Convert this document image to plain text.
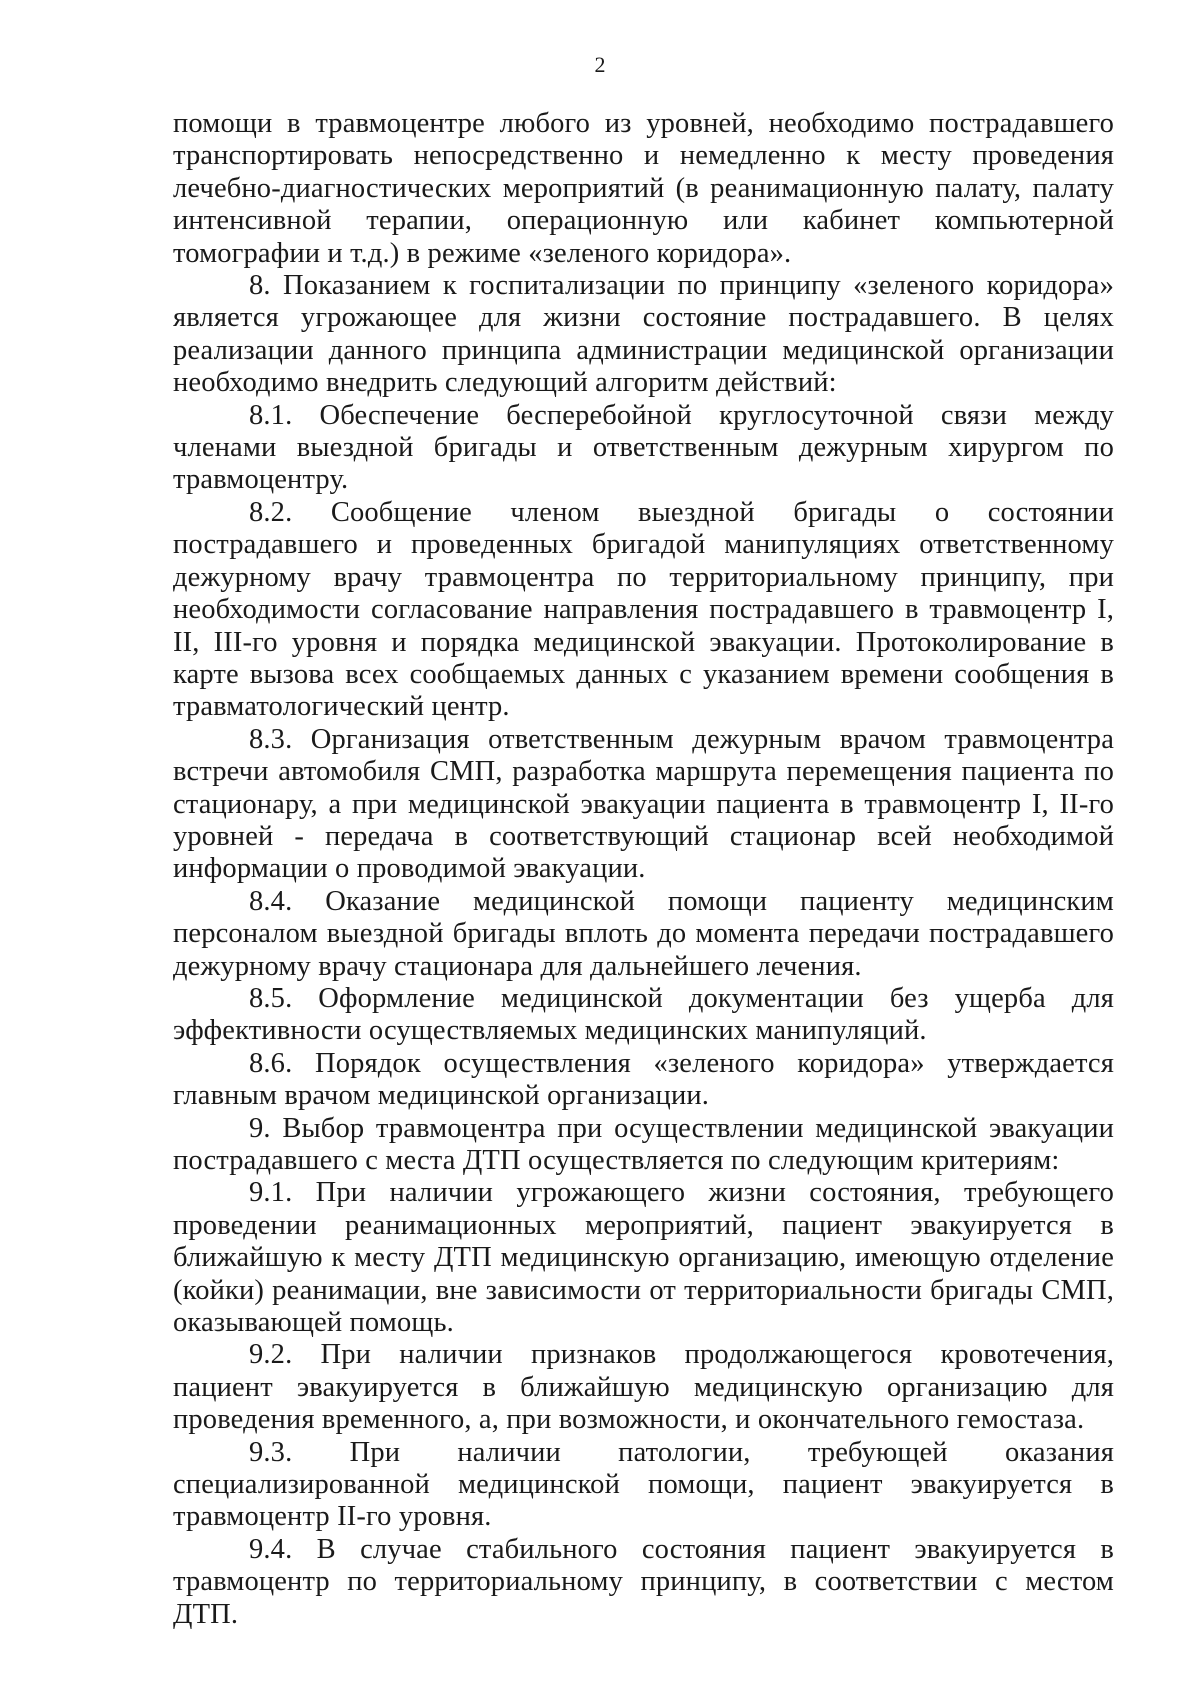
2

помощи в травмоцентре любого из уровней, необходимо пострадавшего транспортировать непосредственно и немедленно к месту проведения лечебно-диагностических мероприятий (в реанимационную палату, палату интенсивной терапии, операционную или кабинет компьютерной томографии и т.д.) в режиме «зеленого коридора».

8. Показанием к госпитализации по принципу «зеленого коридора» является угрожающее для жизни состояние пострадавшего. В целях реализации данного принципа администрации медицинской организации необходимо внедрить следующий алгоритм действий:

8.1. Обеспечение бесперебойной круглосуточной связи между членами выездной бригады и ответственным дежурным хирургом по травмоцентру.

8.2. Сообщение членом выездной бригады о состоянии пострадавшего и проведенных бригадой манипуляциях ответственному дежурному врачу травмоцентра по территориальному принципу, при необходимости согласование направления пострадавшего в травмоцентр I, II, III-го уровня и порядка медицинской эвакуации. Протоколирование в карте вызова всех сообщаемых данных с указанием времени сообщения в травматологический центр.

8.3. Организация ответственным дежурным врачом травмоцентра встречи автомобиля СМП, разработка маршрута перемещения пациента по стационару, а при медицинской эвакуации пациента в травмоцентр I, II-го уровней - передача в соответствующий стационар всей необходимой информации о проводимой эвакуации.

8.4. Оказание медицинской помощи пациенту медицинским персоналом выездной бригады вплоть до момента передачи пострадавшего дежурному врачу стационара для дальнейшего лечения.

8.5. Оформление медицинской документации без ущерба для эффективности осуществляемых медицинских манипуляций.

8.6. Порядок осуществления «зеленого коридора» утверждается главным врачом медицинской организации.

9. Выбор травмоцентра при осуществлении медицинской эвакуации пострадавшего с места ДТП осуществляется по следующим критериям:

9.1. При наличии угрожающего жизни состояния, требующего проведении реанимационных мероприятий, пациент эвакуируется в ближайшую к месту ДТП медицинскую организацию, имеющую отделение (койки) реанимации, вне зависимости от территориальности бригады СМП, оказывающей помощь.

9.2. При наличии признаков продолжающегося кровотечения, пациент эвакуируется в ближайшую медицинскую организацию для проведения временного, а, при возможности, и окончательного гемостаза.

9.3. При наличии патологии, требующей оказания специализированной медицинской помощи, пациент эвакуируется в травмоцентр II-го уровня.

9.4. В случае стабильного состояния пациент эвакуируется в травмоцентр по территориальному принципу, в соответствии с местом ДТП.
